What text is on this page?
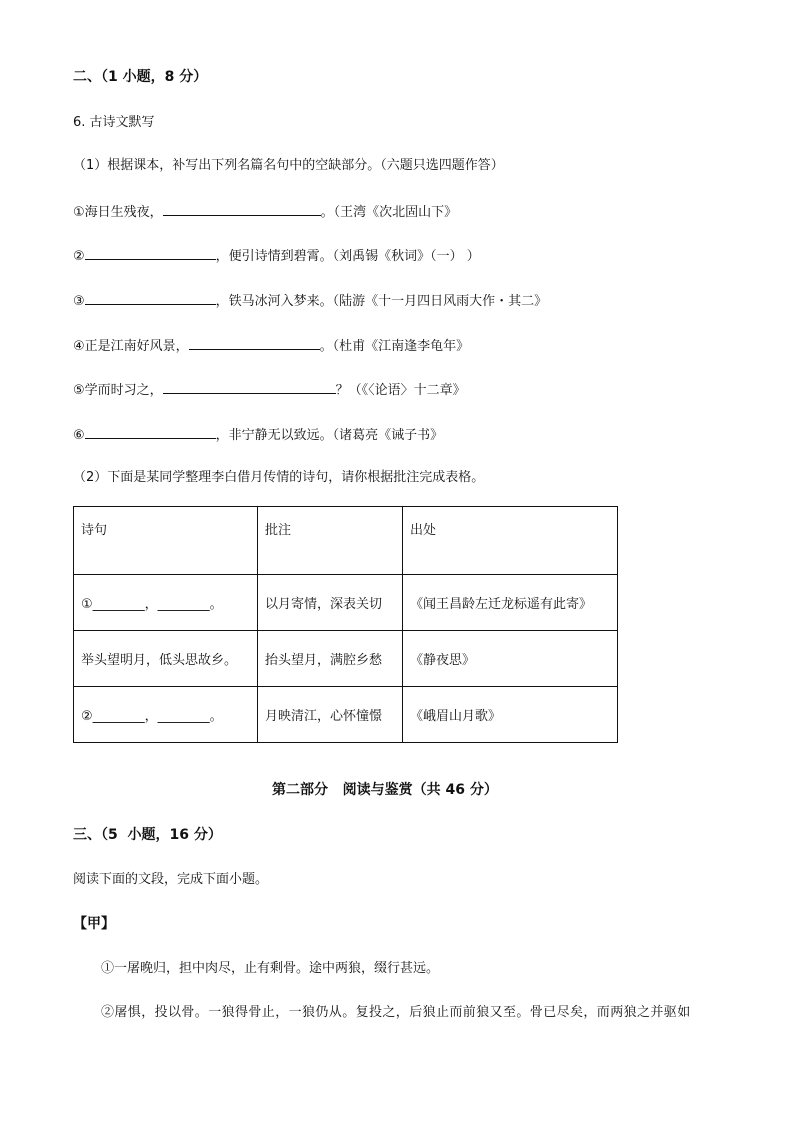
二、（1 小题，8 分）
6. 古诗文默写
（1）根据课本，补写出下列名篇名句中的空缺部分。（六题只选四题作答）
①海日生残夜，	。（王湾《次北固山下》
②	，便引诗情到碧霄。（刘禹锡《秋词》（一） ）
③	，铁马冰河入梦来。（陆游《十一月四日风雨大作・其二》
④正是江南好风景，	。（杜甫《江南逢李龟年》
⑤学而时习之，	？（《〈论语〉十二章》
⑥	，非宁静无以致远。（诸葛亮《诫子书》
（2）下面是某同学整理李白借月传情的诗句，请你根据批注完成表格。
诗句	批注	出处
①________，________。	以月寄情，深表关切	《闻王昌龄左迁龙标遥有此寄》
举头望明月，低头思故乡。	抬头望月，满腔乡愁	《静夜思》
②________，________。	月映清江，心怀憧憬	《峨眉山月歌》
第二部分   阅读与鉴赏（共 46 分）
三、（5  小题，16 分）
阅读下面的文段，完成下面小题。
【甲】
①一屠晚归，担中肉尽，止有剩骨。途中两狼，缀行甚远。
②屠惧，投以骨。一狼得骨止，一狼仍从。复投之，后狼止而前狼又至。骨已尽矣，而两狼之并驱如
